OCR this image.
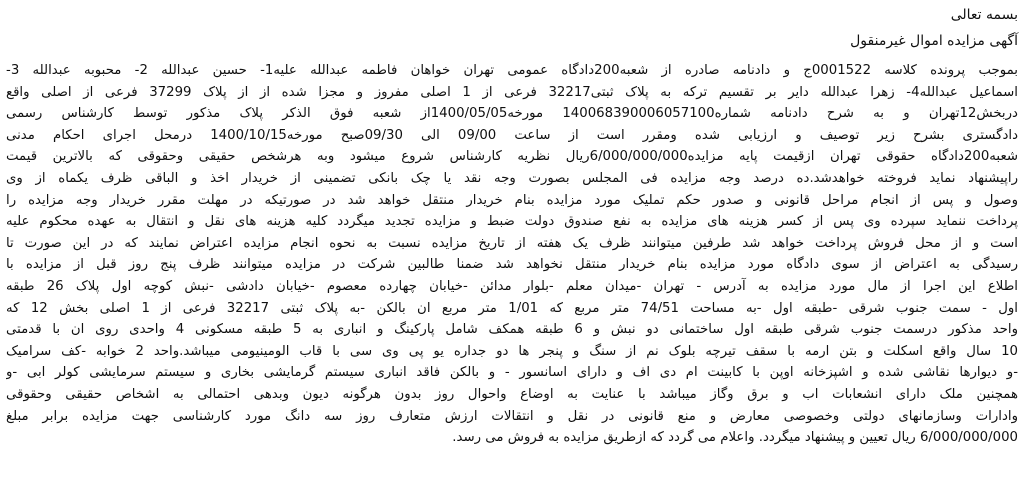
بسمه تعالی
آگهی مزایده اموال غیرمنقول
بموجب پرونده کلاسه 0001522ج و دادنامه صادره از شعبه200دادگاه عمومی تهران خواهان فاطمه عبدالله علیه1- حسین عبدالله 2- محبوبه عبدالله 3-
اسماعیل عبدالله4- زهرا عبدالله دایر بر تقسیم ترکه به پلاک ثبتی32217 فرعی از 1 اصلی مفروز و مجزا شده از از پلاک 37299 فرعی از اصلی واقع
دربخش12تهران و به شرح دادنامه شماره140068390006057100 مورخه1400/05/05از شعبه فوق الذکر پلاک مذکور توسط کارشناس رسمی
دادگستری بشرح زیر توصیف و ارزیابی شده ومقرر است از ساعت 09/00 الی 09/30صبح مورخه1400/10/15 درمحل اجرای احکام مدنی
شعبه200دادگاه حقوقی تهران ازقیمت پایه مزایده6/000/000/000ریال نظریه کارشناس شروع میشود وبه هرشخص حقیقی وحقوقی که بالاترین قیمت
راپیشنهاد نماید فروخته خواهدشد.ده درصد وجه مزایده فی المجلس بصورت وجه نقد یا چک بانکی تضمینی از خریدار اخذ و الباقی ظرف یکماه از وی
وصول و پس از انجام مراحل قانونی و صدور حکم تملیک مورد مزایده بنام خریدار منتقل خواهد شد در صورتیکه در مهلت مقرر خریدار وجه مزایده را
پرداخت ننماید سپرده وی پس از کسر هزینه های مزایده به نفع صندوق دولت ضبط و مزایده تجدید میگردد کلیه هزینه های نقل و انتقال به عهده محکوم علیه
است و از محل فروش پرداخت خواهد شد طرفین میتوانند ظرف یک هفته از تاریخ مزایده نسبت به نحوه انجام مزایده اعتراض نمایند که در این صورت تا
رسیدگی به اعتراض از سوی دادگاه مورد مزایده بنام خریدار منتقل نخواهد شد ضمنا طالبین شرکت در مزایده میتوانند ظرف پنج روز قبل از مزایده با
اطلاع این اجرا از مال مورد مزایده به آدرس - تهران -میدان معلم -بلوار مدائن -خیابان چهارده معصوم -خیابان دادشی -نبش کوچه اول پلاک 26 طبقه
اول - سمت جنوب شرقی -طبقه اول -به مساحت 74/51 متر مربع که 1/01 متر مربع ان بالکن -به پلاک ثبتی 32217 فرعی از 1 اصلی بخش 12 که
واحد مذکور درسمت جنوب شرقی طبقه اول ساختمانی دو نبش و 6 طبقه همکف شامل پارکینگ و انباری به 5 طبقه مسکونی 4 واحدی روی ان با قدمتی
10 سال واقع اسکلت و بتن ارمه با سقف تیرچه بلوک نم از سنگ و پنجر ها دو جداره یو پی وی سی با قاب الومینیومی میباشد.واحد 2 خوابه -کف سرامیک
-و دیوارها نقاشی شده و اشپزخانه اوپن با کابینت ام دی اف و دارای اسانسور - و بالکن فاقد انباری سیستم گرمایشی بخاری و سیستم سرمایشی کولر ابی -و
همچنین ملک دارای انشعابات اب و برق وگاز میباشد با عنایت به اوضاع واحوال روز بدون هرگونه دیون وبدهی احتمالی به اشخاص حقیقی وحقوقی
وادارات وسازمانهای دولتی وخصوصی معارض و منع قانونی در نقل و انتقالات ارزش متعارف روز سه دانگ مورد کارشناسی جهت مزایده برابر مبلغ
6/000/000/000 ریال تعیین و پیشنهاد میگردد. واعلام می گردد که ازطریق مزایده به فروش می رسد.
